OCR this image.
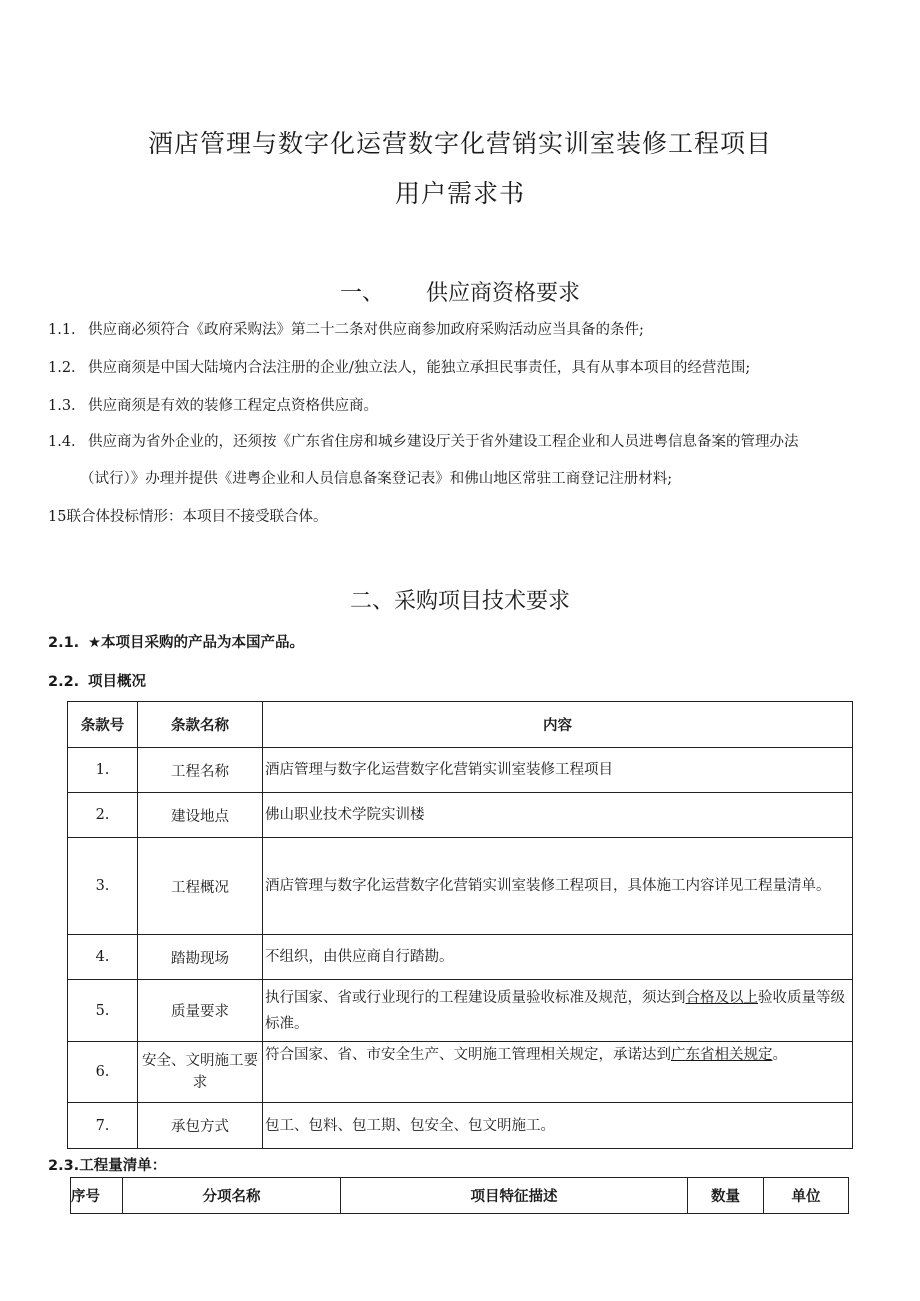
酒店管理与数字化运营数字化营销实训室装修工程项目
用户需求书
一、 供应商资格要求
1.1. 供应商必须符合《政府采购法》第二十二条对供应商参加政府采购活动应当具备的条件;
1.2. 供应商须是中国大陆境内合法注册的企业/独立法人，能独立承担民事责任，具有从事本项目的经营范围;
1.3. 供应商须是有效的装修工程定点资格供应商。
1.4. 供应商为省外企业的，还须按《广东省住房和城乡建设厅关于省外建设工程企业和人员进粤信息备案的管理办法
（试行）》办理并提供《进粤企业和人员信息备案登记表》和佛山地区常驻工商登记注册材料;
15联合体投标情形：本项目不接受联合体。
二、采购项目技术要求
2.1. ★本项目采购的产品为本国产品。
2.2. 项目概况
条款号	条款名称	内容
1.	工程名称	酒店管理与数字化运营数字化营销实训室装修工程项目
2.	建设地点	佛山职业技术学院实训楼
3.	工程概况	酒店管理与数字化运营数字化营销实训室装修工程项目，具体施工内容详见工程量清单。
4.	踏勘现场	不组织，由供应商自行踏勘。
5.	质量要求	执行国家、省或行业现行的工程建设质量验收标准及规范，须达到合格及以上验收质量等级标准。
6.	安全、文明施工要求	符合国家、省、市安全生产、文明施工管理相关规定，承诺达到广东省相关规定。
7.	承包方式	包工、包料、包工期、包安全、包文明施工。
2.3.工程量清单：
序号	分项名称	项目特征描述	数量	单位
